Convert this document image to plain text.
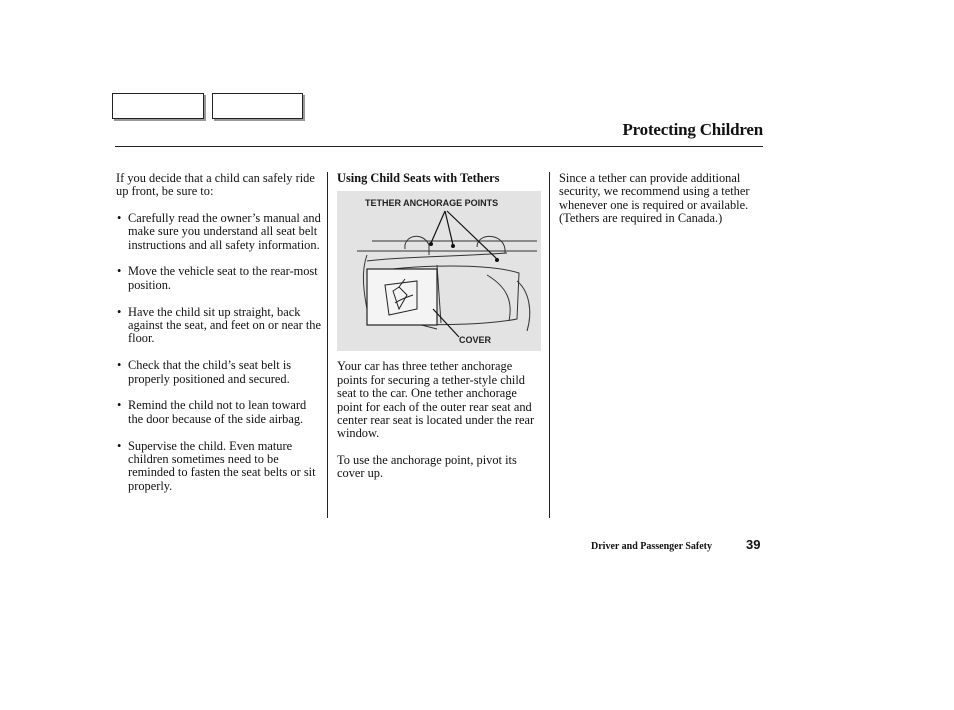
Protecting Children

If you decide that a child can safely ride up front, be sure to:

• Carefully read the owner’s manual and make sure you understand all seat belt instructions and all safety information.
• Move the vehicle seat to the rear-most position.
• Have the child sit up straight, back against the seat, and feet on or near the floor.
• Check that the child’s seat belt is properly positioned and secured.
• Remind the child not to lean toward the door because of the side airbag.
• Supervise the child. Even mature children sometimes need to be reminded to fasten the seat belts or sit properly.

Using Child Seats with Tethers

TETHER ANCHORAGE POINTS
COVER

Your car has three tether anchorage points for securing a tether-style child seat to the car. One tether anchorage point for each of the outer rear seat and center rear seat is located under the rear window.

To use the anchorage point, pivot its cover up.

Since a tether can provide additional security, we recommend using a tether whenever one is required or available. (Tethers are required in Canada.)

Driver and Passenger Safety	39
